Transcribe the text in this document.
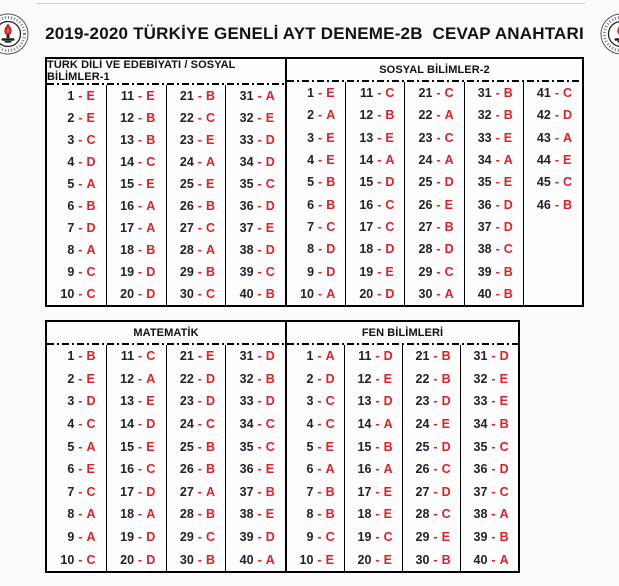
2019-2020 TÜRKİYE GENELİ AYT DENEME-2B  CEVAP ANAHTARI
TÜRK DİLİ VE EDEBİYATI / SOSYAL BİLİMLER-1
1 - E
2 - E
3 - C
4 - D
5 - A
6 - B
7 - D
8 - A
9 - C
10 - C
11 - E
12 - B
13 - B
14 - C
15 - E
16 - A
17 - A
18 - B
19 - D
20 - D
21 - B
22 - C
23 - E
24 - A
25 - E
26 - B
27 - C
28 - A
29 - B
30 - C
31 - A
32 - E
33 - D
34 - D
35 - C
36 - D
37 - E
38 - D
39 - C
40 - B
SOSYAL BİLİMLER-2
1 - E
2 - A
3 - E
4 - E
5 - B
6 - B
7 - C
8 - D
9 - D
10 - A
11 - C
12 - B
13 - E
14 - A
15 - D
16 - C
17 - C
18 - D
19 - E
20 - D
21 - C
22 - A
23 - C
24 - A
25 - D
26 - E
27 - B
28 - D
29 - C
30 - A
31 - B
32 - B
33 - E
34 - A
35 - E
36 - D
37 - D
38 - C
39 - B
40 - B
41 - C
42 - D
43 - A
44 - E
45 - C
46 - B
MATEMATİK
1 - B
2 - E
3 - D
4 - C
5 - A
6 - E
7 - C
8 - A
9 - A
10 - C
11 - C
12 - A
13 - E
14 - D
15 - E
16 - C
17 - D
18 - A
19 - D
20 - D
21 - E
22 - D
23 - D
24 - C
25 - B
26 - B
27 - A
28 - B
29 - C
30 - B
31 - D
32 - B
33 - D
34 - C
35 - C
36 - E
37 - B
38 - E
39 - D
40 - A
FEN BİLİMLERİ
1 - A
2 - D
3 - C
4 - C
5 - E
6 - A
7 - B
8 - B
9 - C
10 - E
11 - D
12 - E
13 - D
14 - A
15 - B
16 - A
17 - E
18 - E
19 - C
20 - E
21 - B
22 - B
23 - D
24 - E
25 - D
26 - C
27 - D
28 - C
29 - E
30 - B
31 - D
32 - E
33 - E
34 - B
35 - C
36 - D
37 - C
38 - A
39 - B
40 - A
